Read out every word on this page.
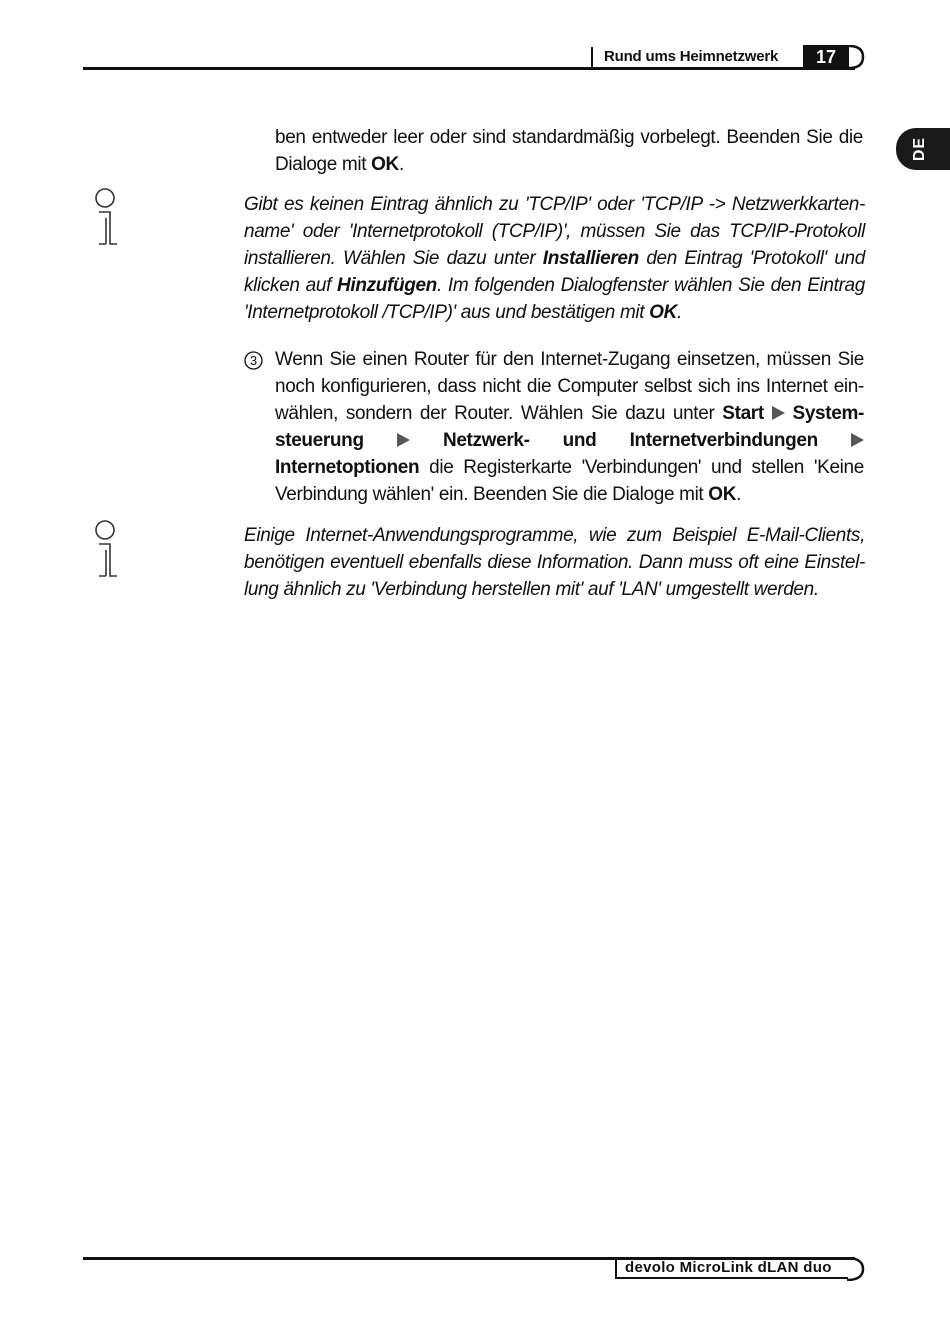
Rund ums Heimnetzwerk	17
DE
ben entweder leer oder sind standardmäßig vorbelegt. Beenden Sie die Dialoge mit OK.
Gibt es keinen Eintrag ähnlich zu 'TCP/IP' oder 'TCP/IP -> Netzwerkkarten-name' oder 'Internetprotokoll (TCP/IP)', müssen Sie das TCP/IP-Protokoll installieren. Wählen Sie dazu unter Installieren den Eintrag 'Protokoll' und klicken auf Hinzufügen. Im folgenden Dialogfenster wählen Sie den Eintrag 'Internetprotokoll /TCP/IP)' aus und bestätigen mit OK.
3 Wenn Sie einen Router für den Internet-Zugang einsetzen, müssen Sie noch konfigurieren, dass nicht die Computer selbst sich ins Internet ein-wählen, sondern der Router. Wählen Sie dazu unter Start System-steuerung	Netzwerk- und Internetverbindungen  Internetoptionen die Registerkarte 'Verbindungen' und stellen 'Keine Verbindung wählen' ein. Beenden Sie die Dialoge mit OK.
Einige Internet-Anwendungsprogramme, wie zum Beispiel E-Mail-Clients, benötigen eventuell ebenfalls diese Information. Dann muss oft eine Einstel-lung ähnlich zu 'Verbindung herstellen mit' auf 'LAN' umgestellt werden.
devolo MicroLink dLAN duo
